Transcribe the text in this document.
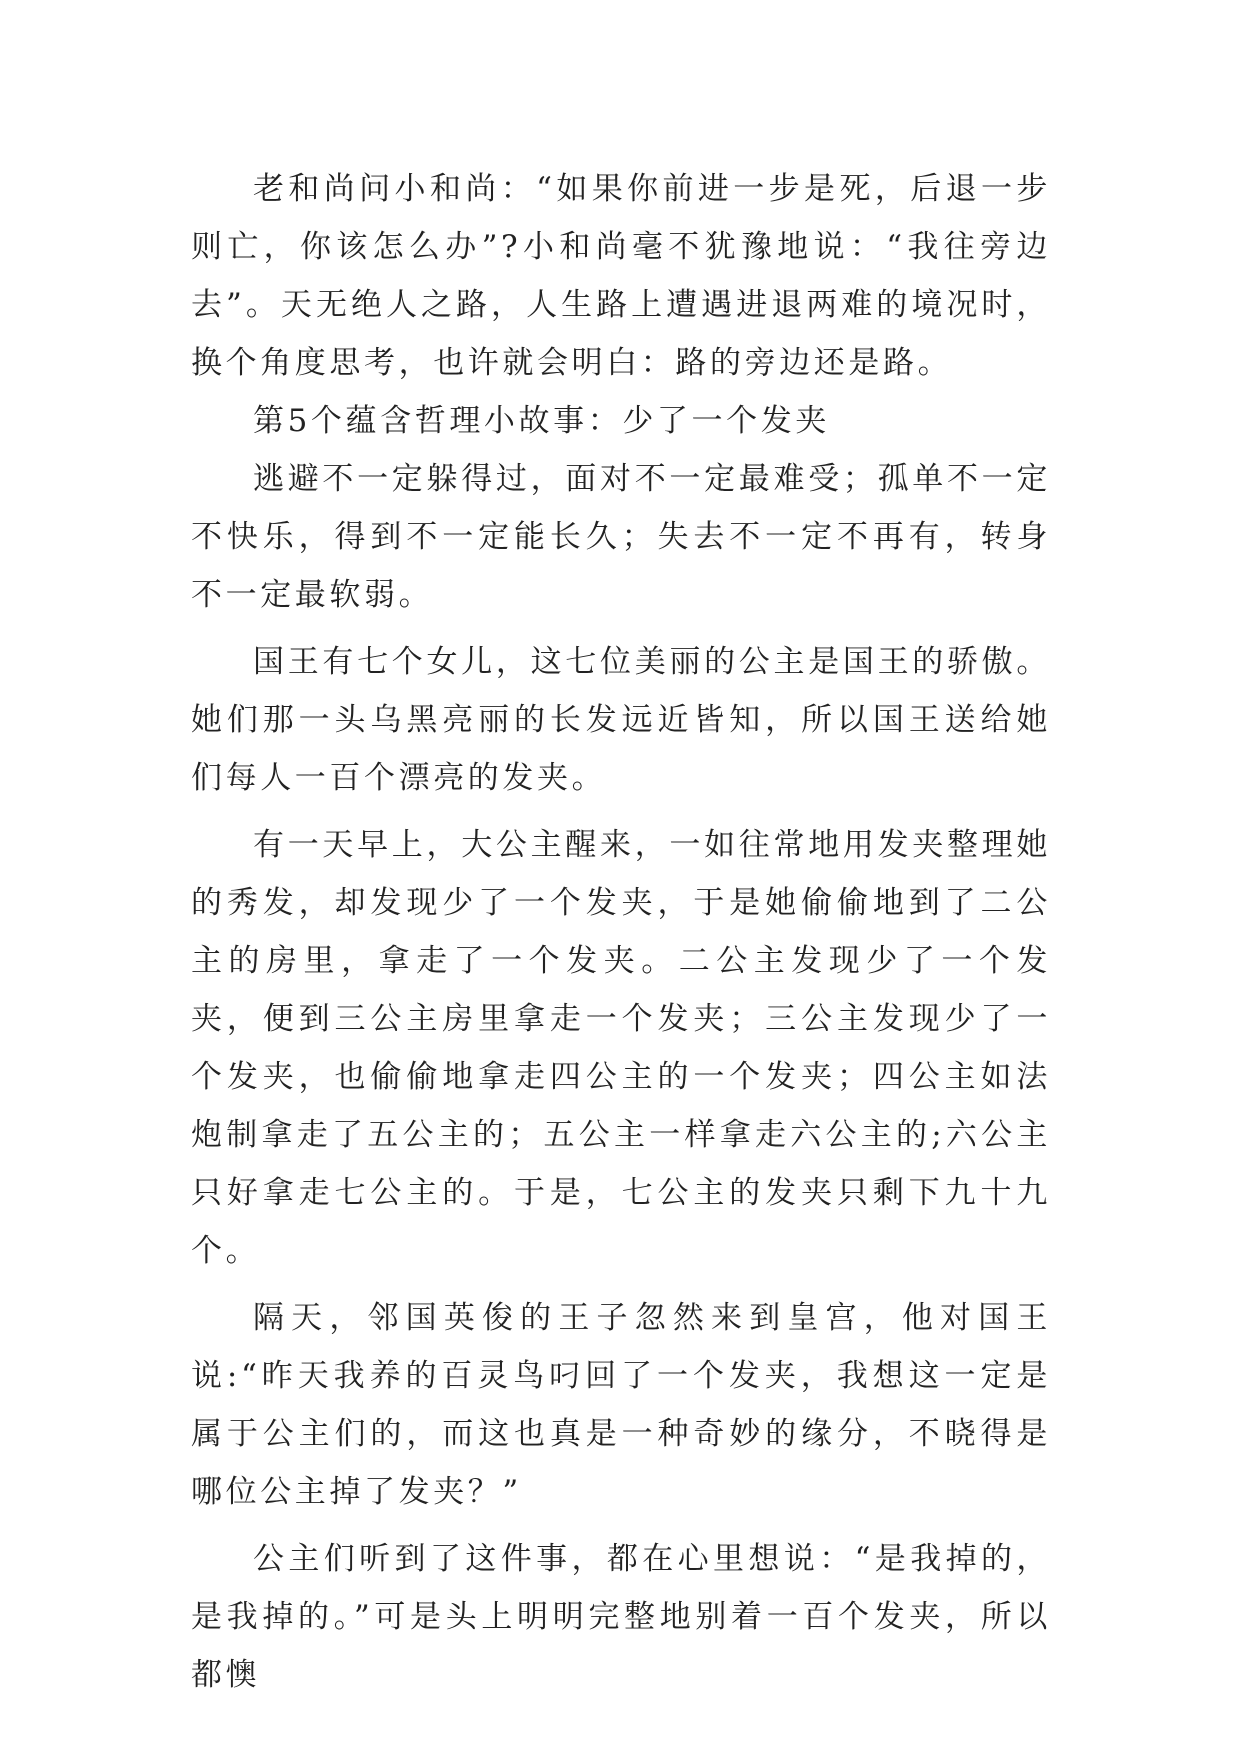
老和尚问小和尚：“如果你前进一步是死，后退一步则亡，你该怎么办”?小和尚毫不犹豫地说：“我往旁边去”。天无绝人之路，人生路上遭遇进退两难的境况时，换个角度思考，也许就会明白：路的旁边还是路。

第5个蕴含哲理小故事：少了一个发夹

逃避不一定躲得过，面对不一定最难受；孤单不一定不快乐，得到不一定能长久；失去不一定不再有，转身不一定最软弱。

国王有七个女儿，这七位美丽的公主是国王的骄傲。她们那一头乌黑亮丽的长发远近皆知，所以国王送给她们每人一百个漂亮的发夹。

有一天早上，大公主醒来，一如往常地用发夹整理她的秀发，却发现少了一个发夹，于是她偷偷地到了二公主的房里，拿走了一个发夹。二公主发现少了一个发夹，便到三公主房里拿走一个发夹；三公主发现少了一个发夹，也偷偷地拿走四公主的一个发夹；四公主如法炮制拿走了五公主的；五公主一样拿走六公主的;六公主只好拿走七公主的。于是，七公主的发夹只剩下九十九个。

隔天，邻国英俊的王子忽然来到皇宫，他对国王说:“昨天我养的百灵鸟叼回了一个发夹，我想这一定是属于公主们的，而这也真是一种奇妙的缘分，不晓得是哪位公主掉了发夹？”

公主们听到了这件事，都在心里想说：“是我掉的，是我掉的。”可是头上明明完整地别着一百个发夹，所以都懊
